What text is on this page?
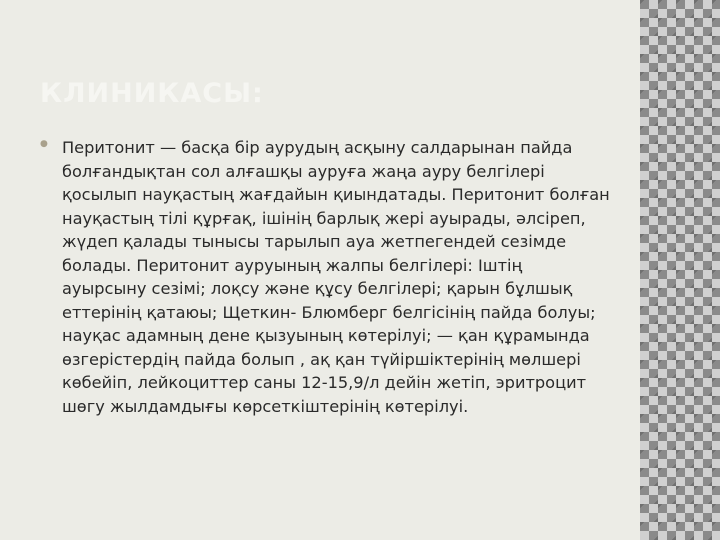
КЛИНИКАСЫ:
● Перитонит — басқа бір аурудың асқыну салдарынан пайда болғандықтан сол алғашқы ауруға жаңа ауру белгілері қосылып науқастың жағдайын қиындатады. Перитонит болған науқастың тілі құрғақ, ішінің барлық жері ауырады, әлсіреп, жүдеп қалады тынысы тарылып ауа жетпегендей сезімде болады. Перитонит ауруының жалпы белгілері: Іштің ауырсыну сезімі; лоқсу және құсу белгілері; қарын бұлшық еттерінің қатаюы; Щеткин- Блюмберг белгісінің пайда болуы; науқас адамның дене қызуының көтерілуі; — қан құрамында өзгерістердің пайда болып , ақ қан түйіршіктерінің мөлшері көбейіп, лейкоциттер саны 12-15,9/л дейін жетіп, эритроцит шөгу жылдамдығы көрсеткіштерінің көтерілуі.
